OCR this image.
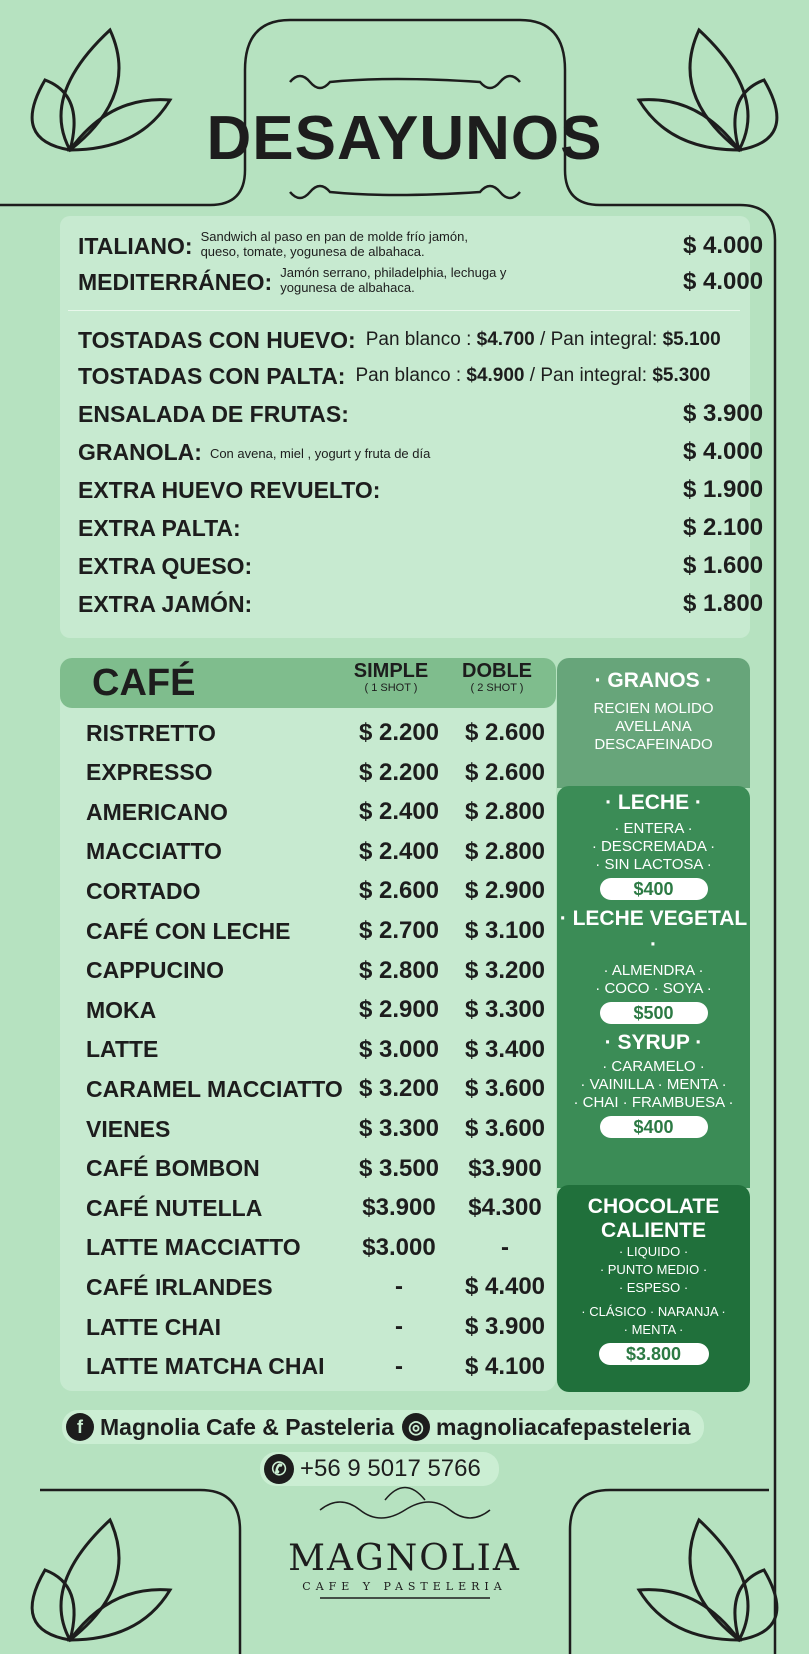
DESAYUNOS
ITALIANO: Sandwich al paso en pan de molde frío jamón, queso, tomate, yogunesa de albahaca.	$ 4.000
MEDITERRÁNEO: Jamón serrano, philadelphia, lechuga y yogunesa de albahaca.	$ 4.000
TOSTADAS CON HUEVO: Pan blanco : $4.700 / Pan integral: $5.100
TOSTADAS CON PALTA: Pan blanco : $4.900 / Pan integral: $5.300
ENSALADA DE FRUTAS:	$ 3.900
GRANOLA: Con avena, miel , yogurt y fruta de día	$ 4.000
EXTRA HUEVO REVUELTO:	$ 1.900
EXTRA PALTA:	$ 2.100
EXTRA QUESO:	$ 1.600
EXTRA JAMÓN:	$ 1.800
CAFÉ	SIMPLE
( 1 SHOT )
DOBLE
( 2 SHOT )
RISTRETTO	$ 2.200	$ 2.600
EXPRESSO	$ 2.200	$ 2.600
AMERICANO	$ 2.400	$ 2.800
MACCIATTO	$ 2.400	$ 2.800
CORTADO	$ 2.600	$ 2.900
CAFÉ CON LECHE	$ 2.700	$ 3.100
CAPPUCINO	$ 2.800	$ 3.200
MOKA	$ 2.900	$ 3.300
LATTE	$ 3.000	$ 3.400
CARAMEL MACCIATTO $ 3.200	$ 3.600
VIENES	$ 3.300	$ 3.600
CAFÉ BOMBON	$ 3.500	$3.900
CAFÉ NUTELLA	$3.900	$4.300
LATTE MACCIATTO	$3.000	-
CAFÉ IRLANDES	-	$ 4.400
LATTE CHAI	-	$ 3.900
LATTE MATCHA CHAI	-	$ 4.100
· GRANOS ·
RECIEN MOLIDO
AVELLANA
DESCAFEINADO
· LECHE ·
· ENTERA ·
· DESCREMADA ·
· SIN LACTOSA ·
$400
· LECHE VEGETAL ·
· ALMENDRA ·
· COCO · SOYA ·
$500
· SYRUP ·
· CARAMELO ·
· VAINILLA · MENTA ·
· CHAI · FRAMBUESA ·
$400
CHOCOLATE
CALIENTE
· LIQUIDO ·
· PUNTO MEDIO ·
· ESPESO ·
· CLÁSICO · NARANJA ·
· MENTA ·
$3.800
f Magnolia Cafe & Pasteleria ◎ magnoliacafepasteleria
✆ +56 9 5017 5766
MAGNOLIA
CAFE Y PASTELERIA
